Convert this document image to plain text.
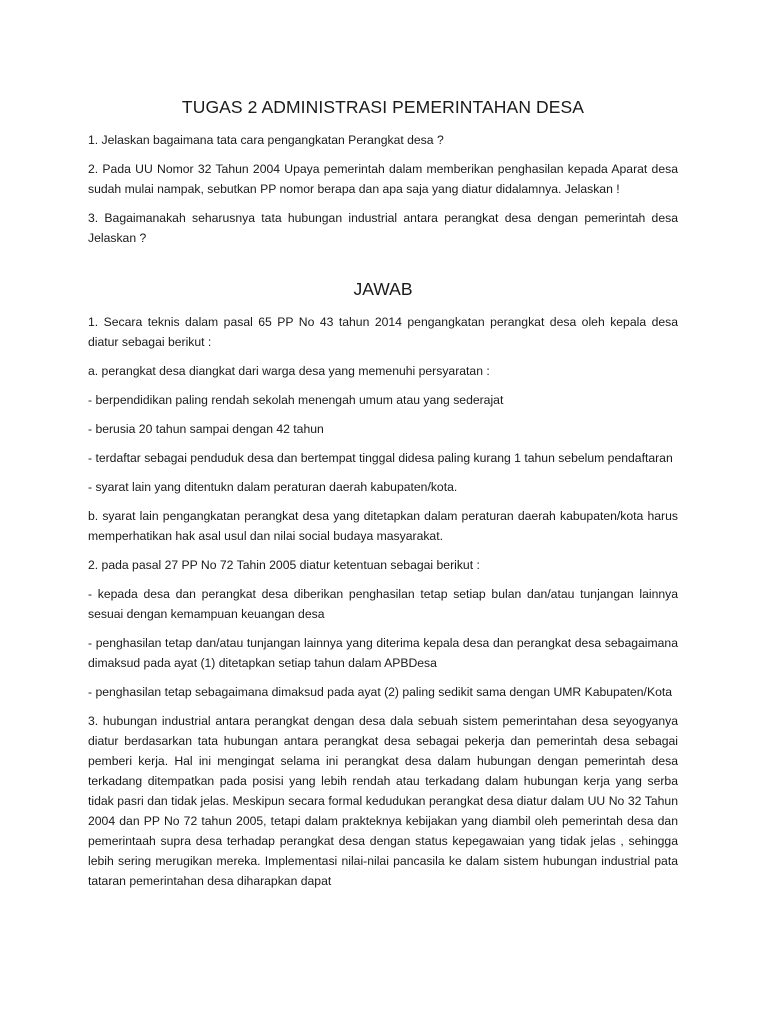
TUGAS 2 ADMINISTRASI PEMERINTAHAN DESA

1. Jelaskan bagaimana tata cara pengangkatan Perangkat desa ?

2. Pada UU Nomor 32 Tahun 2004 Upaya pemerintah dalam memberikan penghasilan kepada Aparat desa sudah mulai nampak, sebutkan PP nomor berapa dan apa saja yang diatur didalamnya. Jelaskan !

3. Bagaimanakah seharusnya tata hubungan industrial antara perangkat desa dengan pemerintah desa Jelaskan ?

JAWAB

1. Secara teknis dalam pasal 65 PP No 43 tahun 2014 pengangkatan perangkat desa oleh kepala desa diatur sebagai berikut :

a. perangkat desa diangkat dari warga desa yang memenuhi persyaratan :

- berpendidikan paling rendah sekolah menengah umum atau yang sederajat

- berusia 20 tahun sampai dengan 42 tahun

- terdaftar sebagai penduduk desa dan bertempat tinggal didesa paling kurang 1 tahun sebelum pendaftaran

- syarat lain yang ditentukn dalam peraturan daerah kabupaten/kota.

b. syarat lain pengangkatan perangkat desa yang ditetapkan dalam peraturan daerah kabupaten/kota harus memperhatikan hak asal usul dan nilai social budaya masyarakat.

2. pada pasal 27 PP No 72 Tahin 2005 diatur ketentuan sebagai berikut :

- kepada desa dan perangkat desa diberikan penghasilan tetap setiap bulan dan/atau tunjangan lainnya sesuai dengan kemampuan keuangan desa

- penghasilan tetap dan/atau tunjangan lainnya yang diterima kepala desa dan perangkat desa sebagaimana dimaksud pada ayat (1) ditetapkan setiap tahun dalam APBDesa

- penghasilan tetap sebagaimana dimaksud pada ayat (2) paling sedikit sama dengan UMR Kabupaten/Kota

3. hubungan industrial antara perangkat dengan desa dala sebuah sistem pemerintahan desa seyogyanya diatur berdasarkan tata hubungan antara perangkat desa sebagai pekerja dan pemerintah desa sebagai pemberi kerja. Hal ini mengingat selama ini perangkat desa dalam hubungan dengan pemerintah desa terkadang ditempatkan pada posisi yang lebih rendah atau terkadang dalam hubungan kerja yang serba tidak pasri dan tidak jelas. Meskipun secara formal kedudukan perangkat desa diatur dalam UU No 32 Tahun 2004 dan PP No 72 tahun 2005, tetapi dalam prakteknya kebijakan yang diambil oleh pemerintah desa dan pemerintaah supra desa terhadap perangkat desa dengan status kepegawaian yang tidak jelas , sehingga lebih sering merugikan mereka. Implementasi nilai-nilai pancasila ke dalam sistem hubungan industrial pata tataran pemerintahan desa diharapkan dapat
